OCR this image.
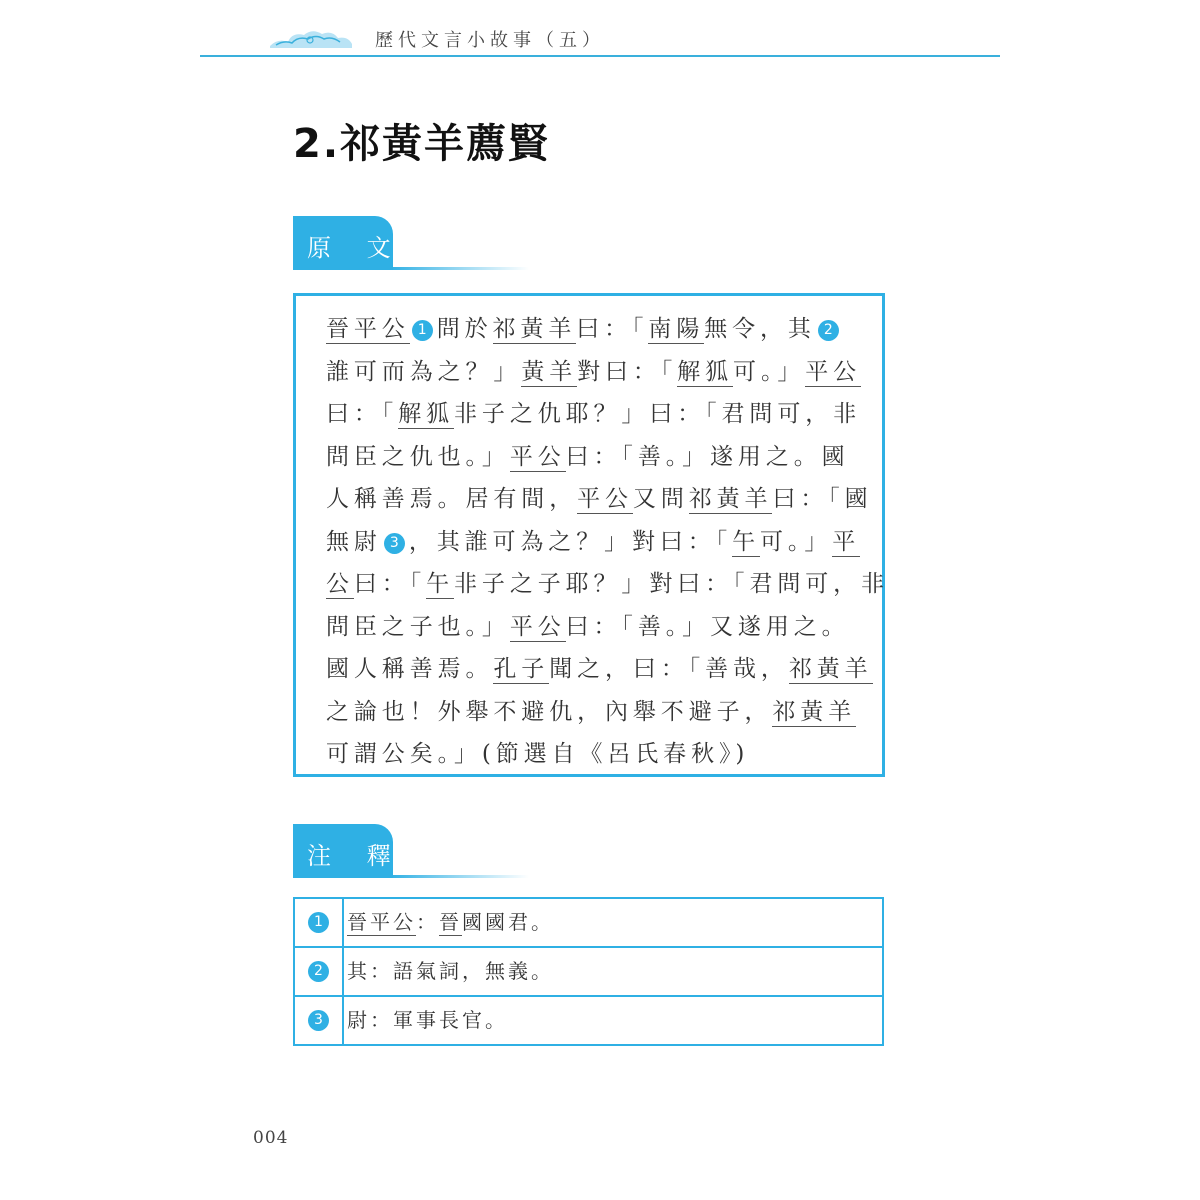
歷代文言小故事（五）
2.祁黃羊薦賢
原 文
晉平公 1 問於祁黃羊曰：「南陽無令，其 2
誰可而為之？」黃羊對曰：「解狐可。」平公
曰：「解狐非子之仇耶？」曰：「君問可，非
問臣之仇也。」平公曰：「善。」遂用之。國
人稱善焉。居有間，平公又問祁黃羊曰：「國
無尉 3 ，其誰可為之？」對曰：「午可。」平
公曰：「午非子之子耶？」對曰：「君問可，非
問臣之子也。」平公曰：「善。」又遂用之。
國人稱善焉。孔子聞之，曰：「善哉，祁黃羊
之論也！外舉不避仇，內舉不避子，祁黃羊
可謂公矣。」(節選自《呂氏春秋》)
注 釋
1	晉平公：晉國國君。
2	其：語氣詞，無義。
3	尉：軍事長官。
004
